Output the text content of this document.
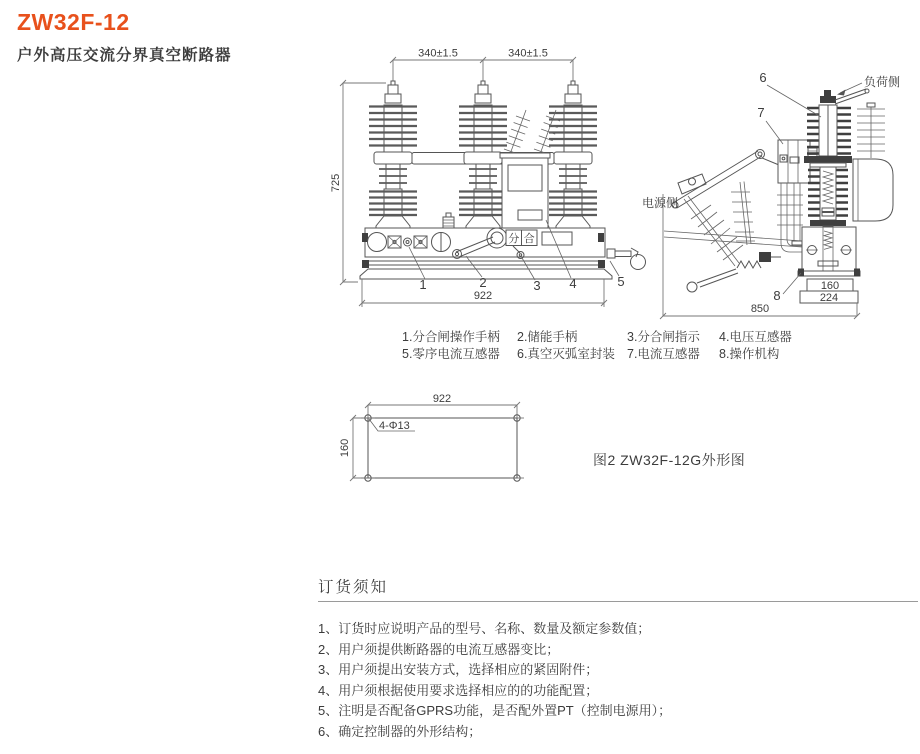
ZW32F-12
户外高压交流分界真空断路器	340±1.5	340±1.5
725
分 合
922
1	2	3 4	5	160
224
850
6
7
8
负荷侧
电源侧
1.分合闸操作手柄	2.储能手柄	3.分合闸指示	4.电压互感器
5.零序电流互感器	6.真空灭弧室封装 7.电流互感器	8.操作机构
922
160
4-Φ13
图2 ZW32F-12G外形图
订货须知
1、订货时应说明产品的型号、名称、数量及额定参数值；
2、用户须提供断路器的电流互感器变比；
3、用户须提出安装方式，选择相应的紧固附件；
4、用户须根据使用要求选择相应的的功能配置；
5、注明是否配备GPRS功能，是否配外置PT（控制电源用）；
6、确定控制器的外形结构；
